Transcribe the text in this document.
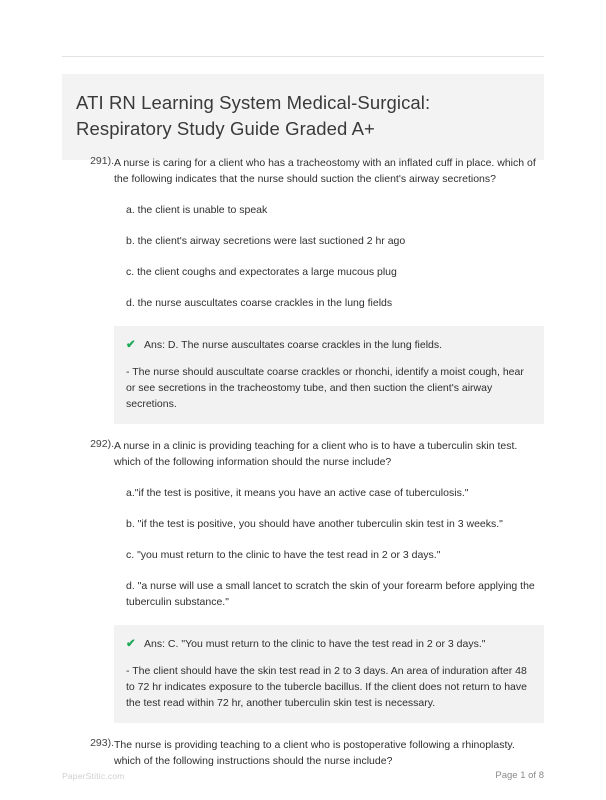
ATI RN Learning System Medical-Surgical: Respiratory Study Guide Graded A+
291). A nurse is caring for a client who has a tracheostomy with an inflated cuff in place. which of the following indicates that the nurse should suction the client's airway secretions?

a. the client is unable to speak

b. the client's airway secretions were last suctioned 2 hr ago

c. the client coughs and expectorates a large mucous plug

d. the nurse auscultates coarse crackles in the lung fields

✔ Ans: D. The nurse auscultates coarse crackles in the lung fields.

- The nurse should auscultate coarse crackles or rhonchi, identify a moist cough, hear or see secretions in the tracheostomy tube, and then suction the client's airway secretions.

292). A nurse in a clinic is providing teaching for a client who is to have a tuberculin skin test. which of the following information should the nurse include?

a."if the test is positive, it means you have an active case of tuberculosis."

b. "if the test is positive, you should have another tuberculin skin test in 3 weeks."

c. "you must return to the clinic to have the test read in 2 or 3 days."

d. "a nurse will use a small lancet to scratch the skin of your forearm before applying the tuberculin substance."

✔ Ans: C. "You must return to the clinic to have the test read in 2 or 3 days."

- The client should have the skin test read in 2 to 3 days. An area of induration after 48 to 72 hr indicates exposure to the tubercle bacillus. If the client does not return to have the test read within 72 hr, another tuberculin skin test is necessary.

293). The nurse is providing teaching to a client who is postoperative following a rhinoplasty. which of the following instructions should the nurse include?

PaperStitic.com	Page 1 of 8
